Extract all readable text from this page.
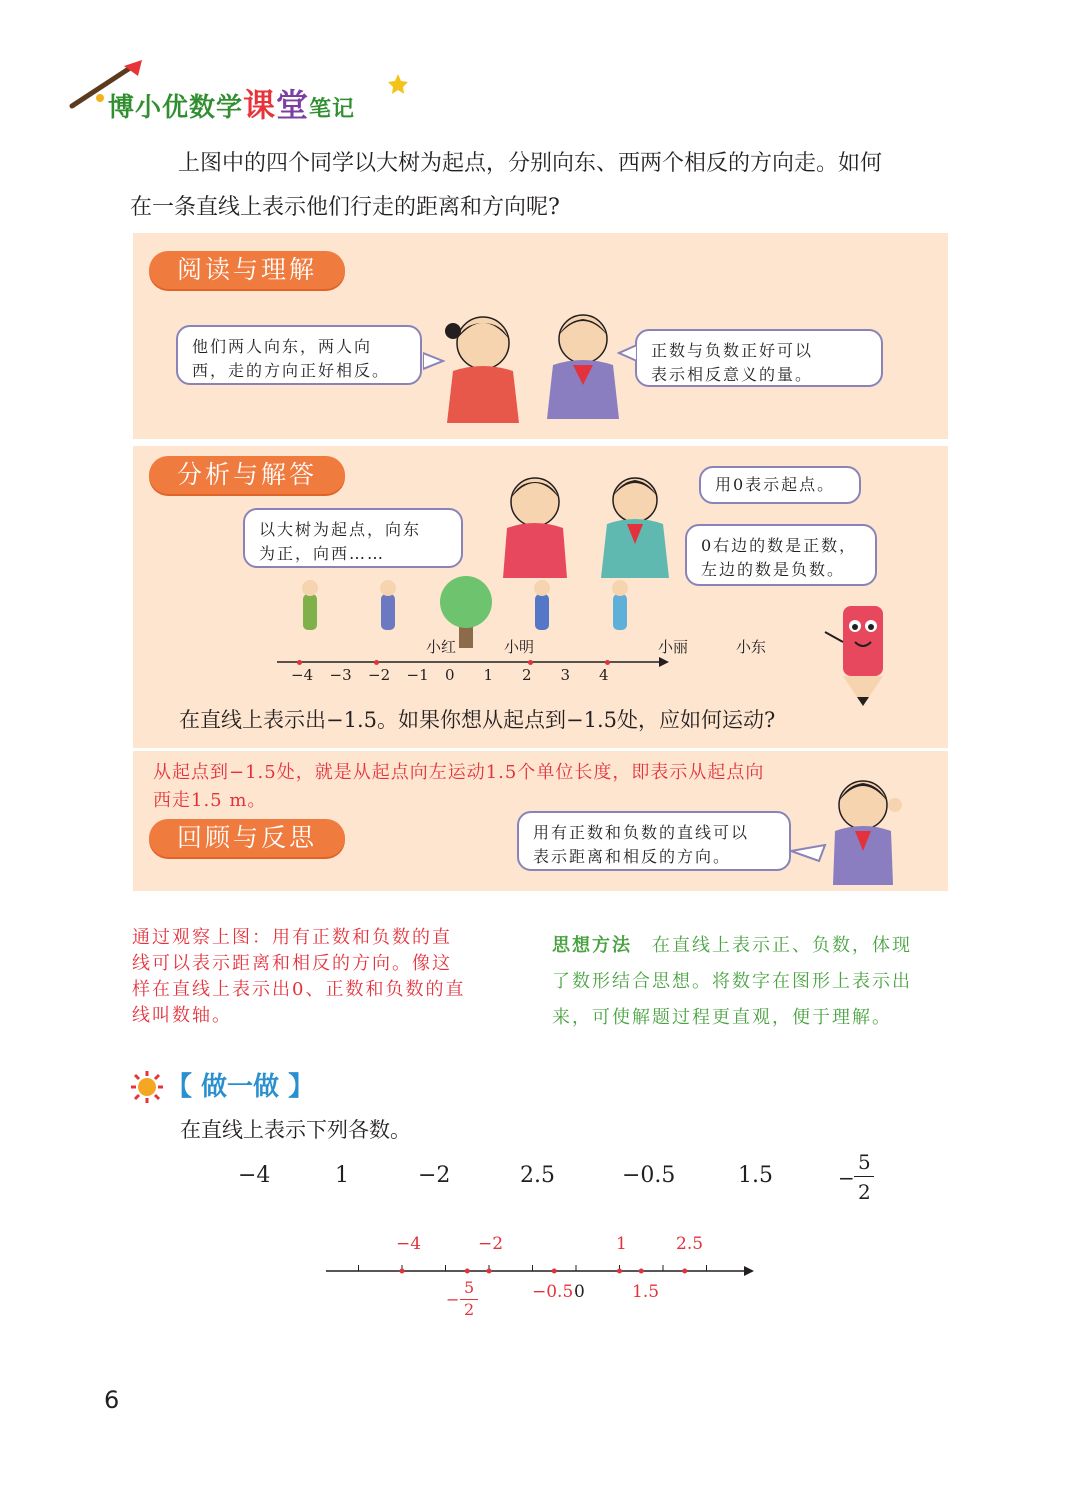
博小优数学课堂笔记

上图中的四个同学以大树为起点，分别向东、西两个相反的方向走。如何

在一条直线上表示他们行走的距离和方向呢?
阅读与理解
他们两人向东，两人向
西，走的方向正好相反。
正数与负数正好可以
表示相反意义的量。
分析与解答
以大树为起点，向东
为正，向西……
用0表示起点。
0右边的数是正数，
左边的数是负数。
小红	小明	小丽	小东
−4 −3 −2 −1 0 1 2 3 4
在直线上表示出−1.5。如果你想从起点到−1.5处，应如何运动?
从起点到−1.5处，就是从起点向左运动1.5个单位长度，即表示从起点向
西走1.5 m。
回顾与反思	用有正数和负数的直线可以
表示距离和相反的方向。
通过观察上图：用有正数和负数的直
线可以表示距离和相反的方向。像这
样在直线上表示出0、正数和负数的直
线叫数轴。
思想方法 在直线上表示正、负数，体现
了数形结合思想。将数字在图形上表示出
来，可使解题过程更直观，便于理解。
【 做一做 】
在直线上表示下列各数。
−4	1	−2	2.5	−0.5	1.5	−
5
2
−4	−2	1	2.5
−0.5 0	1.5
−
5
2
6
